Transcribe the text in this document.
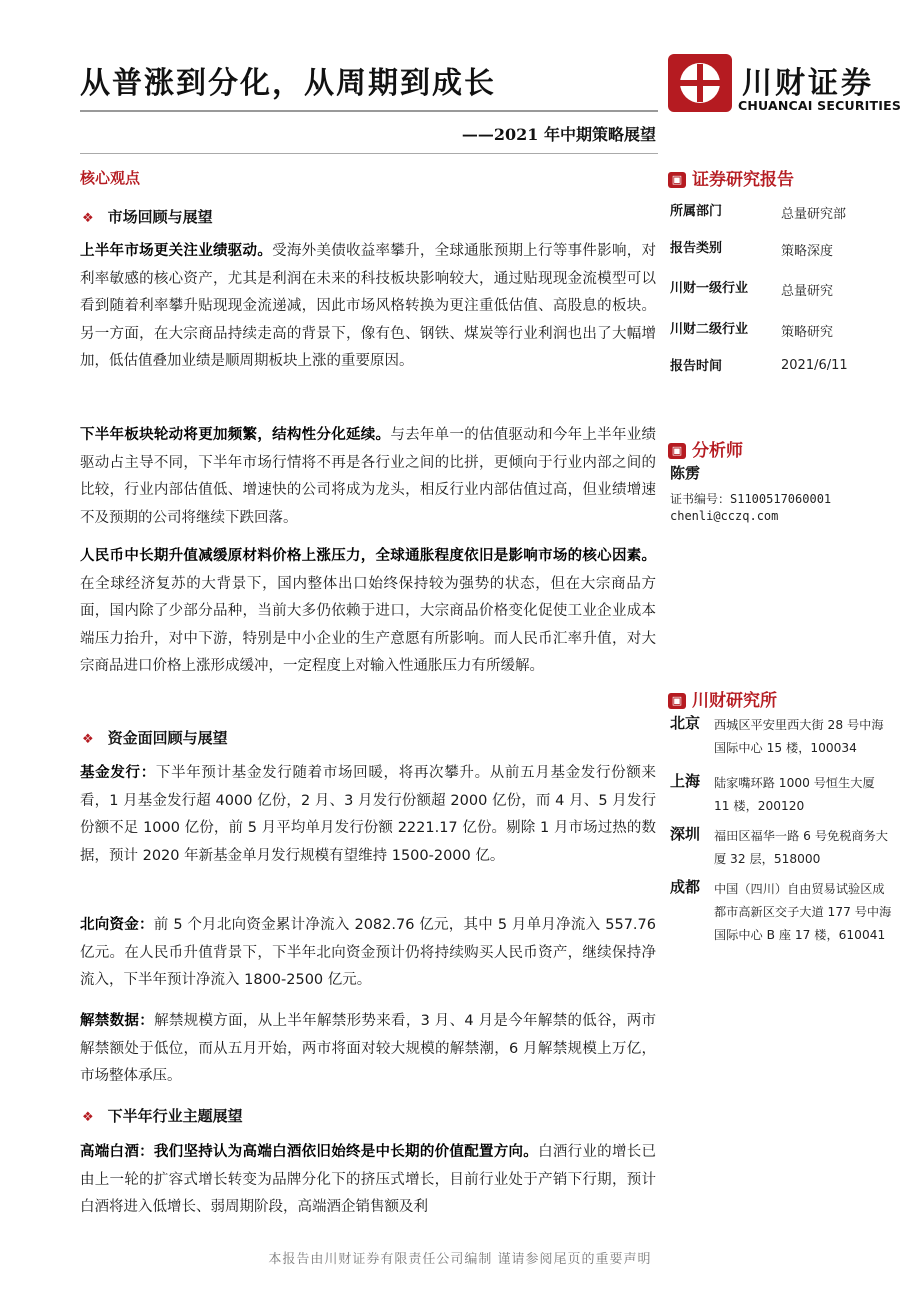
从普涨到分化，从周期到成长
——2021 年中期策略展望
川财证券
CHUANCAI SECURITIES
核心观点
❖ 市场回顾与展望
上半年市场更关注业绩驱动。受海外美债收益率攀升，全球通胀预期上行等事件影响，对利率敏感的核心资产，尤其是利润在未来的科技板块影响较大，通过贴现现金流模型可以看到随着利率攀升贴现现金流递减，因此市场风格转换为更注重低估值、高股息的板块。另一方面，在大宗商品持续走高的背景下，像有色、钢铁、煤炭等行业利润也出了大幅增加，低估值叠加业绩是顺周期板块上涨的重要原因。
下半年板块轮动将更加频繁，结构性分化延续。与去年单一的估值驱动和今年上半年业绩驱动占主导不同，下半年市场行情将不再是各行业之间的比拼，更倾向于行业内部之间的比较，行业内部估值低、增速快的公司将成为龙头，相反行业内部估值过高，但业绩增速不及预期的公司将继续下跌回落。
人民币中长期升值减缓原材料价格上涨压力，全球通胀程度依旧是影响市场的核心因素。在全球经济复苏的大背景下，国内整体出口始终保持较为强势的状态，但在大宗商品方面，国内除了少部分品种，当前大多仍依赖于进口，大宗商品价格变化促使工业企业成本端压力抬升，对中下游，特别是中小企业的生产意愿有所影响。而人民币汇率升值，对大宗商品进口价格上涨形成缓冲，一定程度上对输入性通胀压力有所缓解。
❖ 资金面回顾与展望
基金发行：下半年预计基金发行随着市场回暖，将再次攀升。从前五月基金发行份额来看，1 月基金发行超 4000 亿份，2 月、3 月发行份额超 2000 亿份，而 4 月、5 月发行份额不足 1000 亿份，前 5 月平均单月发行份额 2221.17 亿份。剔除 1 月市场过热的数据，预计 2020 年新基金单月发行规模有望维持 1500-2000 亿。
北向资金：前 5 个月北向资金累计净流入 2082.76 亿元，其中 5 月单月净流入 557.76 亿元。在人民币升值背景下，下半年北向资金预计仍将持续购买人民币资产，继续保持净流入，下半年预计净流入 1800-2500 亿元。
解禁数据：解禁规模方面，从上半年解禁形势来看，3 月、4 月是今年解禁的低谷，两市解禁额处于低位，而从五月开始，两市将面对较大规模的解禁潮，6 月解禁规模上万亿，市场整体承压。
❖ 下半年行业主题展望
高端白酒：我们坚持认为高端白酒依旧始终是中长期的价值配置方向。白酒行业的增长已由上一轮的扩容式增长转变为品牌分化下的挤压式增长，目前行业处于产销下行期，预计白酒将进入低增长、弱周期阶段，高端酒企销售额及利
▣ 证券研究报告
所属部门	总量研究部
报告类别	策略深度
川财一级行业	总量研究
川财二级行业	策略研究
报告时间	2021/6/11
▣ 分析师
陈雳
证书编号：S1100517060001
chenli@cczq.com
▣ 川财研究所
北京 西城区平安里西大街 28 号中海国际中心 15 楼，100034
上海 陆家嘴环路 1000 号恒生大厦 11 楼，200120
深圳 福田区福华一路 6 号免税商务大厦 32 层，518000
成都 中国（四川）自由贸易试验区成都市高新区交子大道 177 号中海国际中心 B 座 17 楼，610041
本报告由川财证券有限责任公司编制 谨请参阅尾页的重要声明
